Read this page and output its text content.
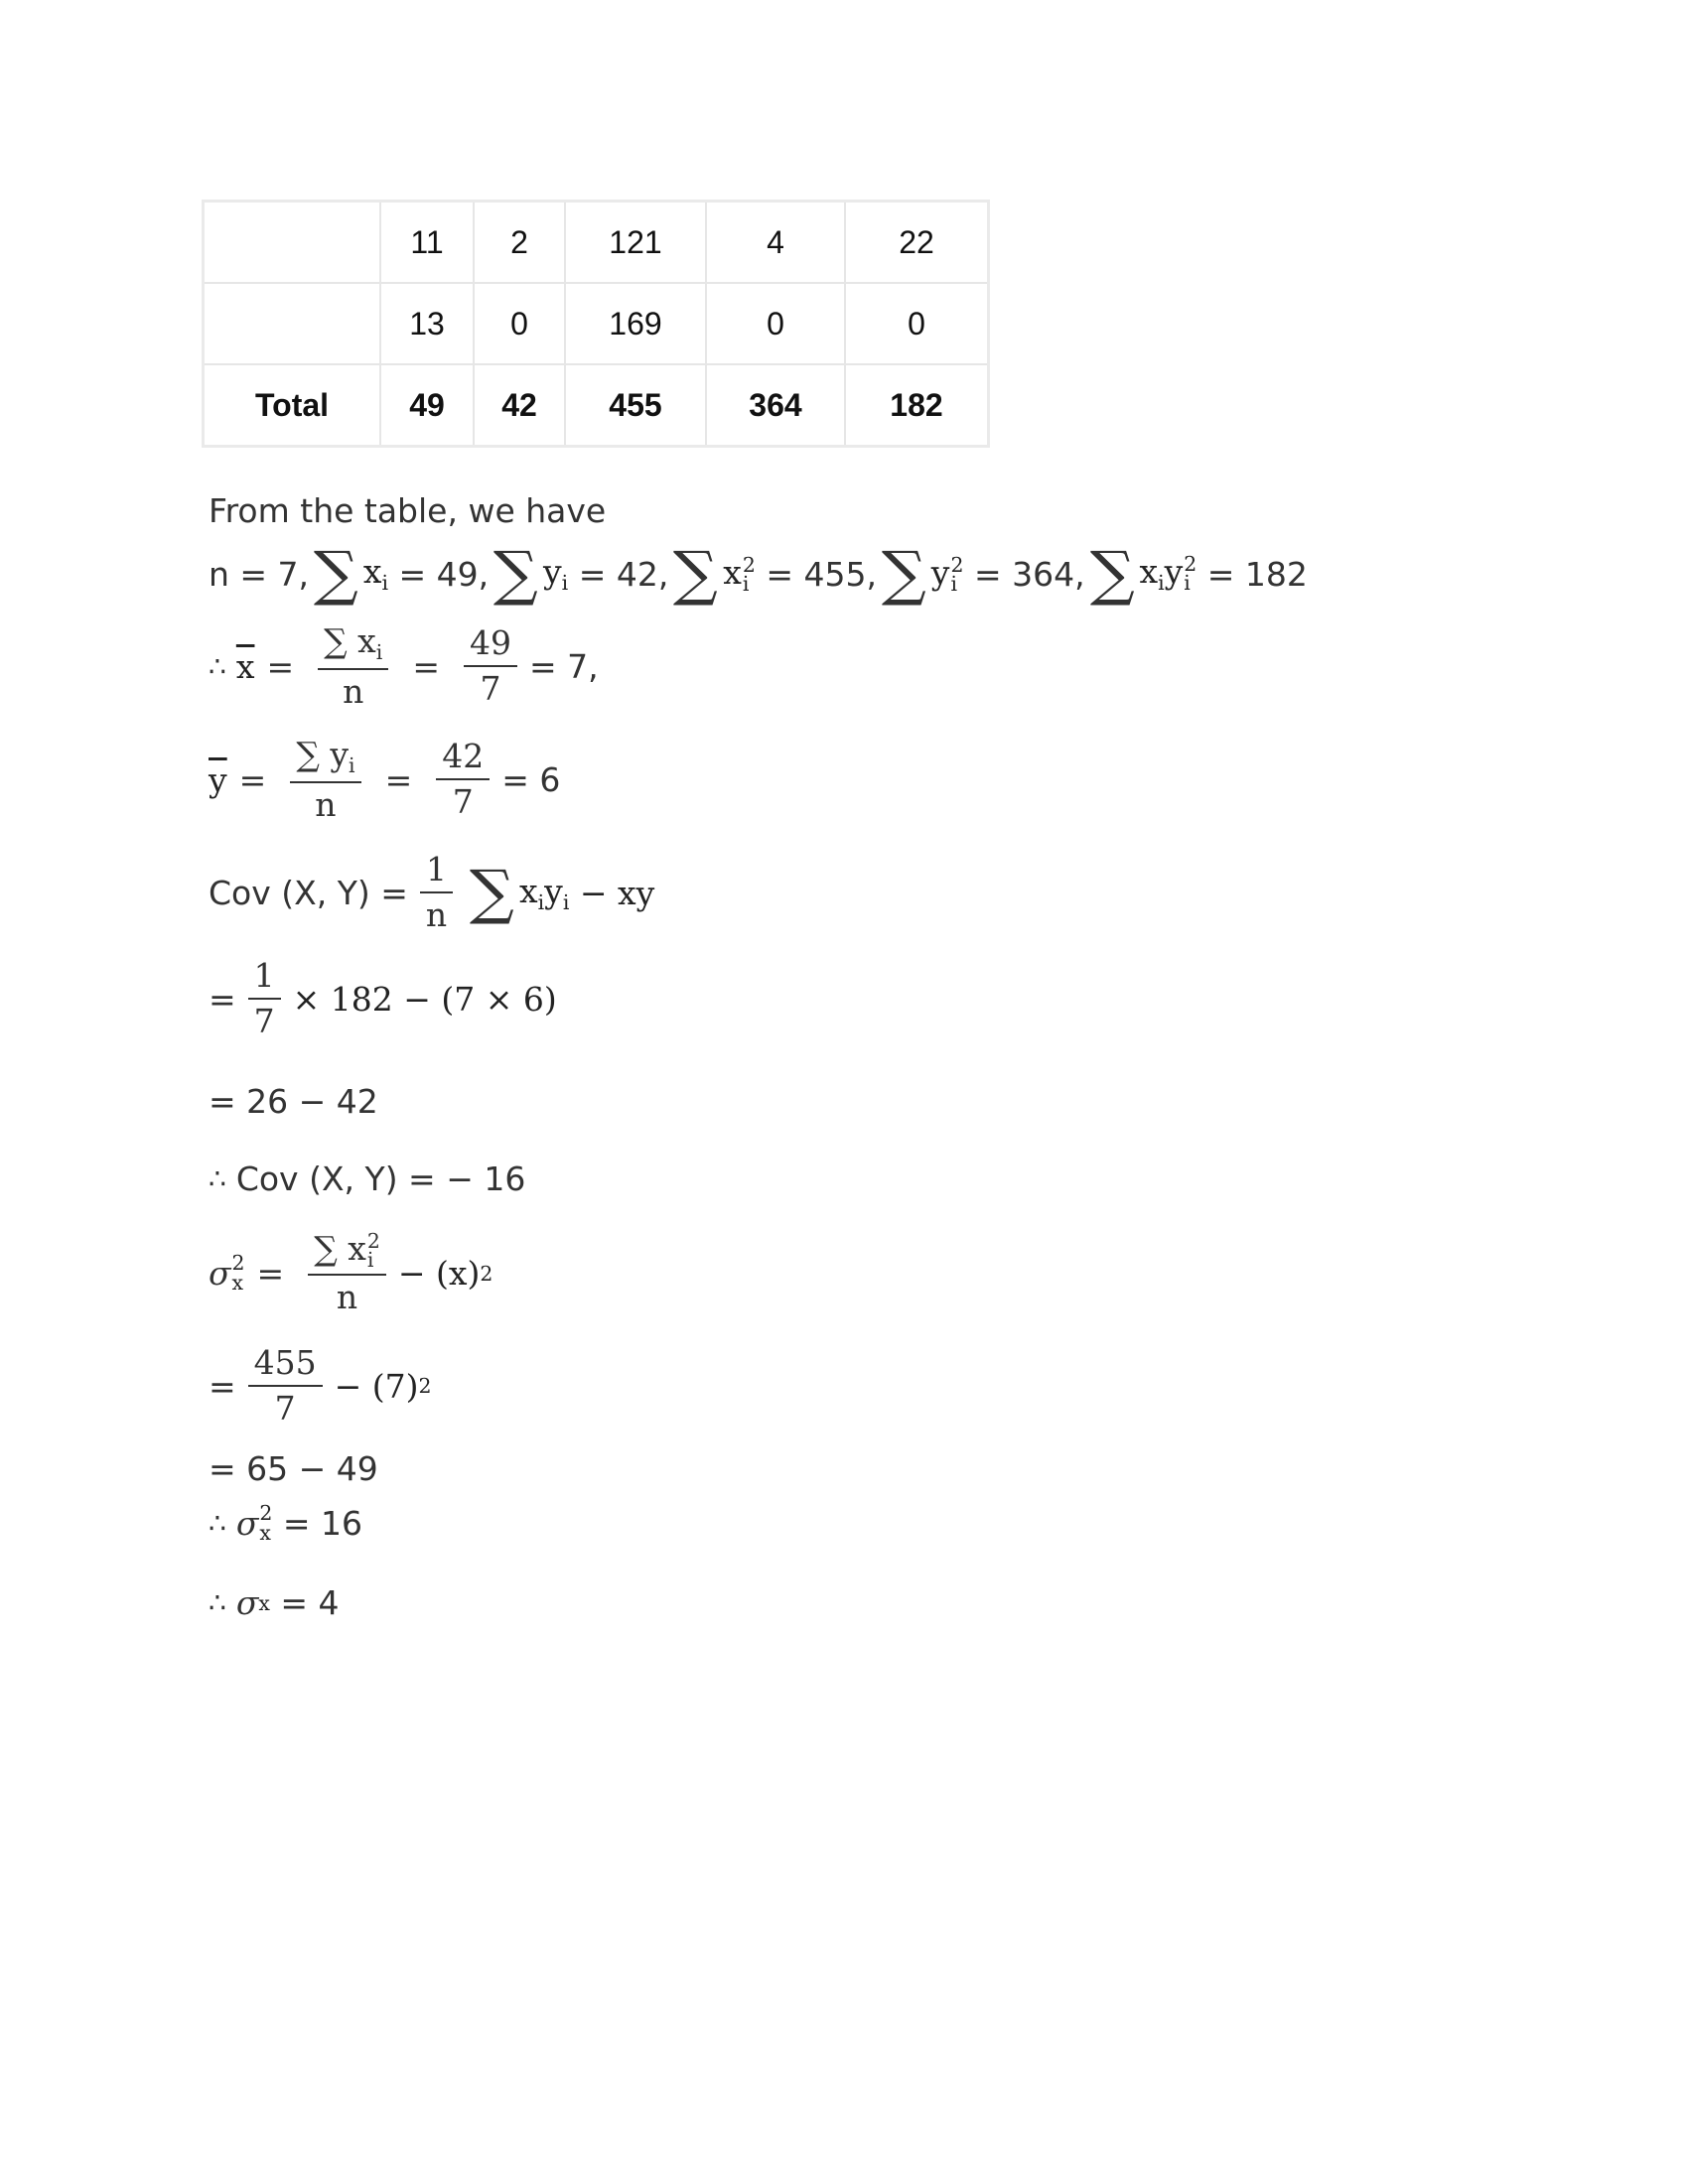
	11	2	121	4	22
	13	0	169	0	0
Total	49	42	455	364	182
From the table, we have
n = 7, ∑ $x_i$
= 49, ∑ $y_i$
= 42, ∑ x 2
i
= 455, ∑ y 2
i
= 364, ∑ $x_iy$ 2
i
= 182
∴ $\overline{x} = \frac{\sum x_i}{n} = \frac{49}{7} = 7$,
$\overline{y} = \frac{\sum y_i}{n} = \frac{42}{7} = 6$
Cov (X, $Y) = \frac{1}{n}$ ∑ $x_iy_i$
− xy
= $\frac{1}{7} \times 182 - (7 \times 6)$
= 26 − 42
∴ Cov (X, Y) = − 16
σ 2
x = ∑ x 2
i
n − (x) 2
= $\frac{455}{7} - (7)$ 2
= 65 − 49
∴ σ 2
x
= 16
∴ σ x
= 4
